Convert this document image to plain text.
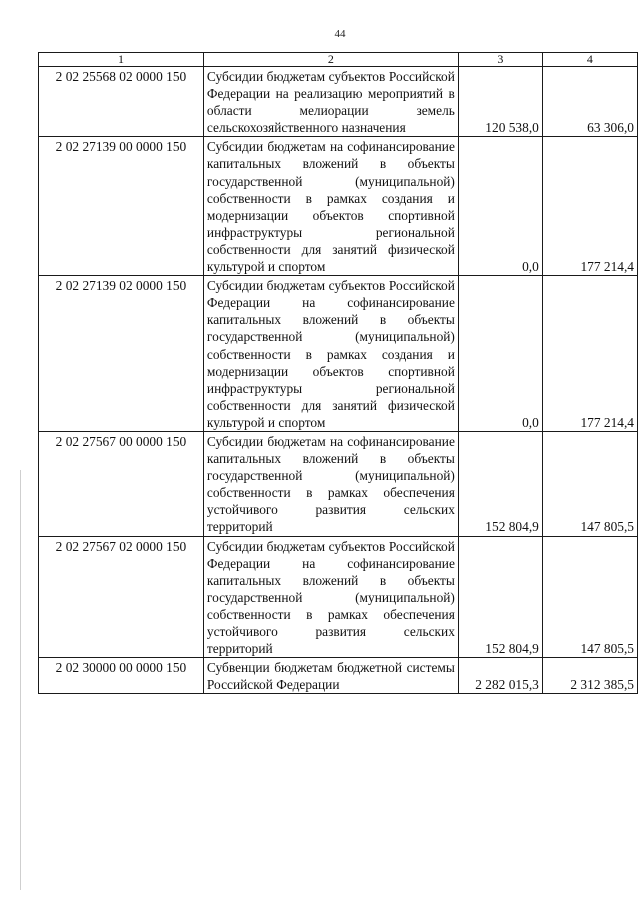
44
1	2	3	4
2 02 25568 02 0000 150	Субсидии бюджетам субъектов Российской Федерации на реализацию мероприятий в области мелиорации земель сельскохозяйственного назначения	120 538,0	63 306,0
2 02 27139 00 0000 150	Субсидии бюджетам на софинансирование капитальных вложений в объекты государственной (муниципальной) собственности в рамках создания и модернизации объектов спортивной инфраструктуры региональной собственности для занятий физической культурой и спортом	0,0	177 214,4
2 02 27139 02 0000 150	Субсидии бюджетам субъектов Российской Федерации на софинансирование капитальных вложений в объекты государственной (муниципальной) собственности в рамках создания и модернизации объектов спортивной инфраструктуры региональной собственности для занятий физической культурой и спортом	0,0	177 214,4
2 02 27567 00 0000 150	Субсидии бюджетам на софинансирование капитальных вложений в объекты государственной (муниципальной) собственности в рамках обеспечения устойчивого развития сельских территорий	152 804,9	147 805,5
2 02 27567 02 0000 150	Субсидии бюджетам субъектов Российской Федерации на софинансирование капитальных вложений в объекты государственной (муниципальной) собственности в рамках обеспечения устойчивого развития сельских территорий	152 804,9	147 805,5
2 02 30000 00 0000 150	Субвенции бюджетам бюджетной системы Российской Федерации	2 282 015,3	2 312 385,5
